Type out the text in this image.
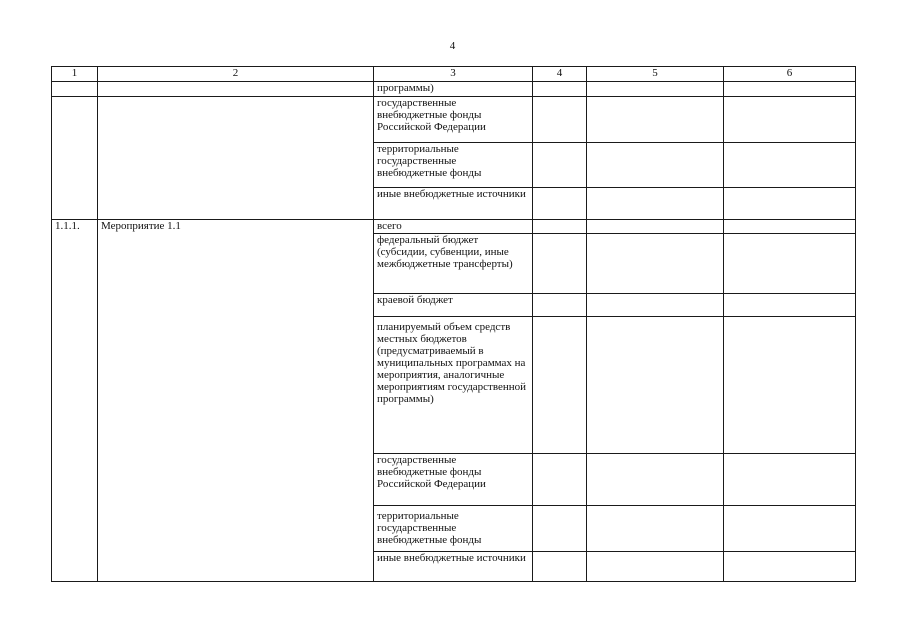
4
1	2	3	4	5	6
		программы)			
		государственные внебюджетные фонды Российской Федерации			
		территориальные государственные внебюджетные фонды			
		иные внебюджетные источники			
1.1.1.	Мероприятие 1.1	всего			
		федеральный бюджет (субсидии, субвенции, иные межбюджетные трансферты)			
		краевой бюджет			
		планируемый объем средств местных бюджетов (предусматриваемый в муниципальных программах на мероприятия, аналогичные мероприятиям государственной программы)			
		государственные внебюджетные фонды Российской Федерации			
		территориальные государственные внебюджетные фонды			
		иные внебюджетные источники			
